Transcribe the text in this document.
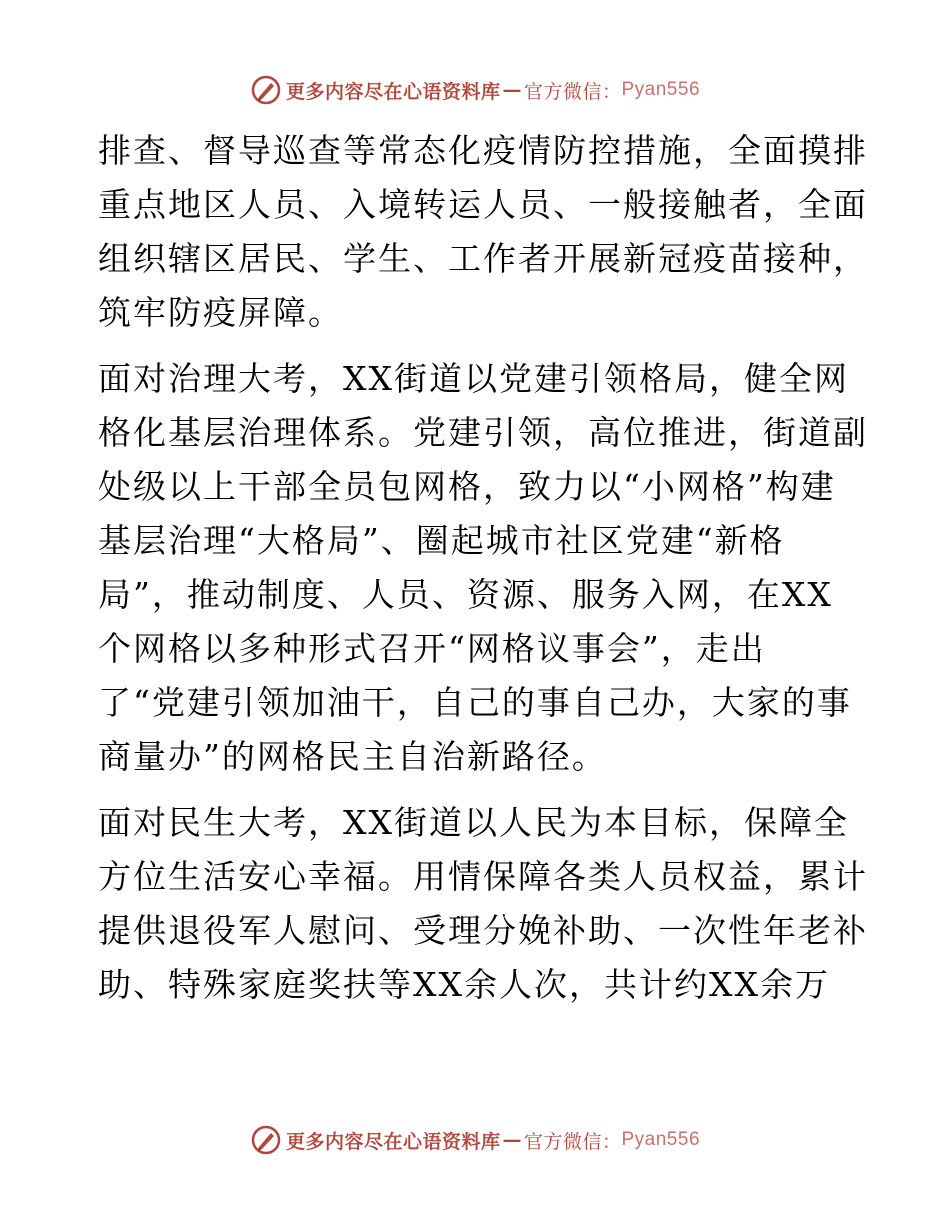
更多内容尽在心语资料库 — 官方微信： Pyan556

排查、督导巡查等常态化疫情防控措施，全面摸排
重点地区人员、入境转运人员、一般接触者，全面
组织辖区居民、学生、工作者开展新冠疫苗接种，
筑牢防疫屏障。

面对治理大考，XX街道以党建引领格局，健全网
格化基层治理体系。党建引领，高位推进，街道副
处级以上干部全员包网格，致力以“小网格”构建
基层治理“大格局”、圈起城市社区党建“新格
局”，推动制度、人员、资源、服务入网，在XX
个网格以多种形式召开“网格议事会”，走出
了“党建引领加油干，自己的事自己办，大家的事
商量办”的网格民主自治新路径。

面对民生大考，XX街道以人民为本目标，保障全
方位生活安心幸福。用情保障各类人员权益，累计
提供退役军人慰问、受理分娩补助、一次性年老补
助、特殊家庭奖扶等XX余人次，共计约XX余万

更多内容尽在心语资料库 — 官方微信： Pyan556
